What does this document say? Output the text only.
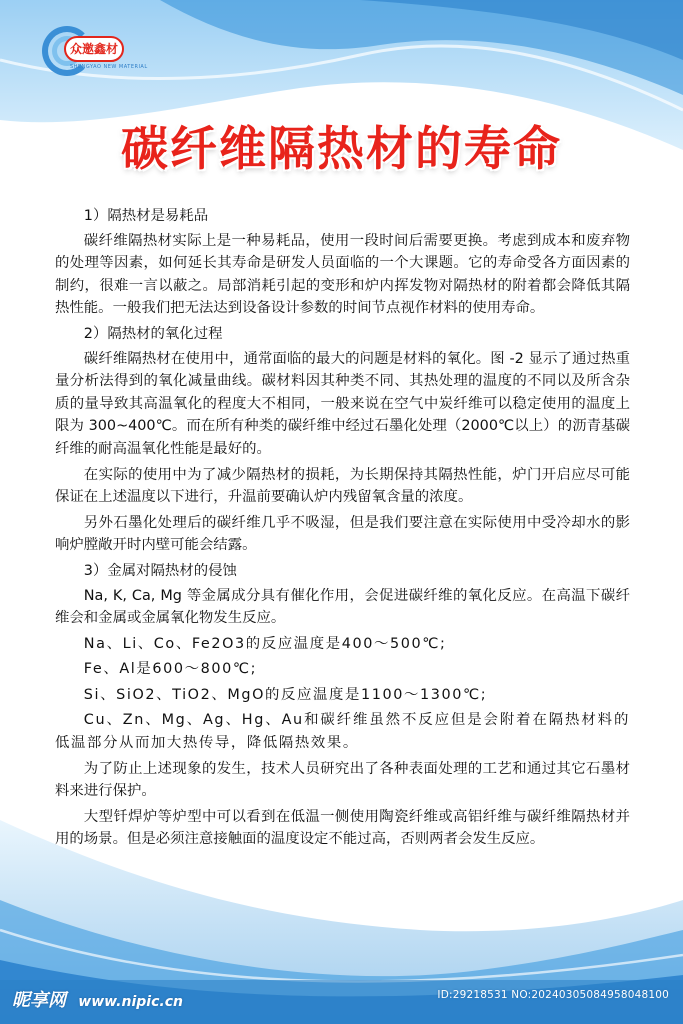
众邀鑫材
SHENGYAO NEW MATERIAL
碳纤维隔热材的寿命

1）隔热材是易耗品

碳纤维隔热材实际上是一种易耗品，使用一段时间后需要更换。考虑到成本和废弃物的处理等因素，如何延长其寿命是研发人员面临的一个大课题。它的寿命受各方面因素的制约，很难一言以蔽之。局部消耗引起的变形和炉内挥发物对隔热材的附着都会降低其隔热性能。一般我们把无法达到设备设计参数的时间节点视作材料的使用寿命。

2）隔热材的氧化过程

碳纤维隔热材在使用中，通常面临的最大的问题是材料的氧化。图 -2 显示了通过热重量分析法得到的氧化减量曲线。碳材料因其种类不同、其热处理的温度的不同以及所含杂质的量导致其高温氧化的程度大不相同，一般来说在空气中炭纤维可以稳定使用的温度上限为 300~400℃。而在所有种类的碳纤维中经过石墨化处理（2000℃以上）的沥青基碳纤维的耐高温氧化性能是最好的。

在实际的使用中为了减少隔热材的损耗，为长期保持其隔热性能，炉门开启应尽可能保证在上述温度以下进行，升温前要确认炉内残留氧含量的浓度。

另外石墨化处理后的碳纤维几乎不吸湿，但是我们要注意在实际使用中受冷却水的影响炉膛敞开时内壁可能会结露。

3）金属对隔热材的侵蚀

Na, K, Ca, Mg 等金属成分具有催化作用，会促进碳纤维的氧化反应。在高温下碳纤维会和金属或金属氧化物发生反应。

Na、Li、Co、Fe2O3的反应温度是400～500℃;

Fe、Al是600～800℃;

Si、SiO2、TiO2、MgO的反应温度是1100～1300℃;

Cu、Zn、Mg、Ag、Hg、Au和碳纤维虽然不反应但是会附着在隔热材料的低温部分从而加大热传导，降低隔热效果。

为了防止上述现象的发生，技术人员研究出了各种表面处理的工艺和通过其它石墨材料来进行保护。

大型钎焊炉等炉型中可以看到在低温一侧使用陶瓷纤维或高铝纤维与碳纤维隔热材并用的场景。但是必须注意接触面的温度设定不能过高，否则两者会发生反应。

昵享网 www.nipic.cn	ID:29218531 NO:20240305084958048100
